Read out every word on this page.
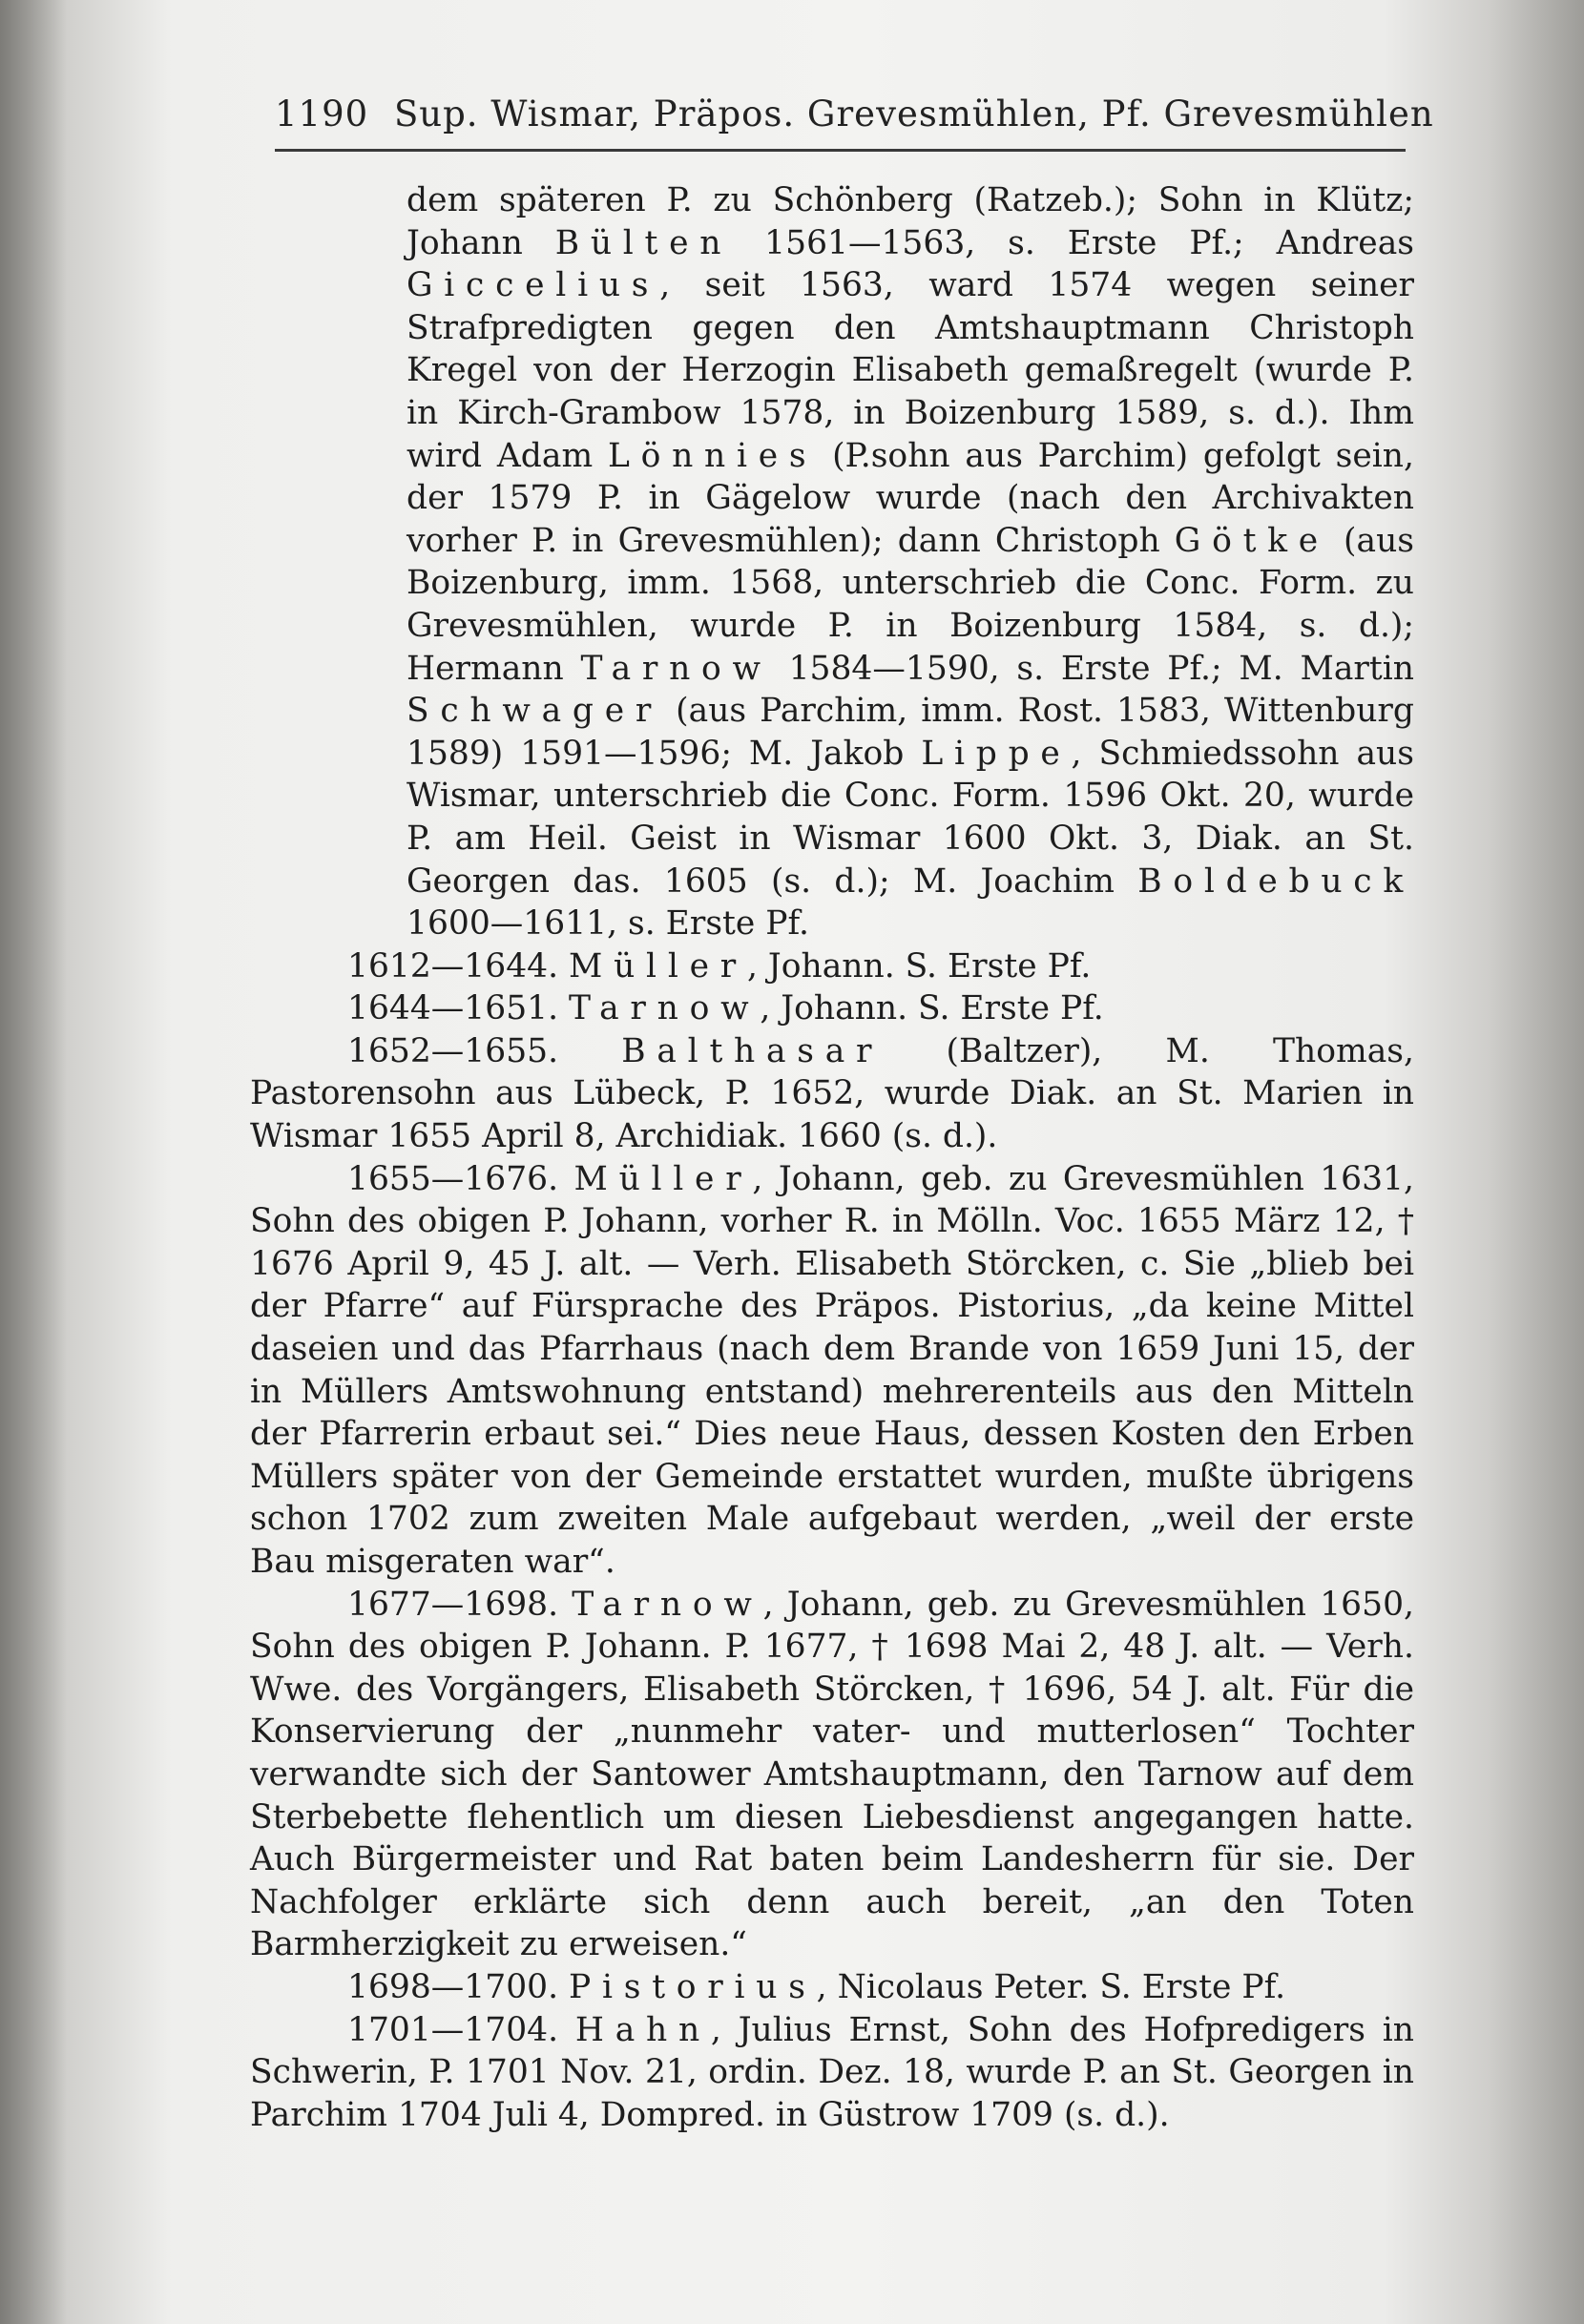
1190 Sup. Wismar, Präpos. Grevesmühlen, Pf. Grevesmühlen

dem späteren P. zu Schönberg (Ratzeb.); Sohn in Klütz; Johann Bülten 1561—1563, s. Erste Pf.; Andreas Giccelius, seit 1563, ward 1574 wegen seiner Strafpredigten gegen den Amtshauptmann Christoph Kregel von der Herzogin Elisabeth gemaßregelt (wurde P. in Kirch-Grambow 1578, in Boizenburg 1589, s. d.). Ihm wird Adam Lönnies (P.sohn aus Parchim) gefolgt sein, der 1579 P. in Gägelow wurde (nach den Archivakten vorher P. in Grevesmühlen); dann Christoph Götke (aus Boizenburg, imm. 1568, unterschrieb die Conc. Form. zu Grevesmühlen, wurde P. in Boizenburg 1584, s. d.); Hermann Tarnow 1584—1590, s. Erste Pf.; M. Martin Schwager (aus Parchim, imm. Rost. 1583, Wittenburg 1589) 1591—1596; M. Jakob Lippe, Schmiedssohn aus Wismar, unterschrieb die Conc. Form. 1596 Okt. 20, wurde P. am Heil. Geist in Wismar 1600 Okt. 3, Diak. an St. Georgen das. 1605 (s. d.); M. Joachim Boldebuck 1600—1611, s. Erste Pf.

1612—1644. Müller, Johann. S. Erste Pf.

1644—1651. Tarnow, Johann. S. Erste Pf.

1652—1655. Balthasar (Baltzer), M. Thomas, Pastorensohn aus Lübeck, P. 1652, wurde Diak. an St. Marien in Wismar 1655 April 8, Archidiak. 1660 (s. d.).

1655—1676. Müller, Johann, geb. zu Grevesmühlen 1631, Sohn des obigen P. Johann, vorher R. in Mölln. Voc. 1655 März 12, † 1676 April 9, 45 J. alt. — Verh. Elisabeth Störcken, c. Sie „blieb bei der Pfarre“ auf Fürsprache des Präpos. Pistorius, „da keine Mittel daseien und das Pfarrhaus (nach dem Brande von 1659 Juni 15, der in Müllers Amtswohnung entstand) mehrerenteils aus den Mitteln der Pfarrerin erbaut sei.“ Dies neue Haus, dessen Kosten den Erben Müllers später von der Gemeinde erstattet wurden, mußte übrigens schon 1702 zum zweiten Male aufgebaut werden, „weil der erste Bau misgeraten war“.

1677—1698. Tarnow, Johann, geb. zu Grevesmühlen 1650, Sohn des obigen P. Johann. P. 1677, † 1698 Mai 2, 48 J. alt. — Verh. Wwe. des Vorgängers, Elisabeth Störcken, † 1696, 54 J. alt. Für die Konservierung der „nunmehr vater- und mutterlosen“ Tochter verwandte sich der Santower Amtshauptmann, den Tarnow auf dem Sterbebette flehentlich um diesen Liebesdienst angegangen hatte. Auch Bürgermeister und Rat baten beim Landesherrn für sie. Der Nachfolger erklärte sich denn auch bereit, „an den Toten Barmherzigkeit zu erweisen.“

1698—1700. Pistorius, Nicolaus Peter. S. Erste Pf.

1701—1704. Hahn, Julius Ernst, Sohn des Hofpredigers in Schwerin, P. 1701 Nov. 21, ordin. Dez. 18, wurde P. an St. Georgen in Parchim 1704 Juli 4, Dompred. in Güstrow 1709 (s. d.).
